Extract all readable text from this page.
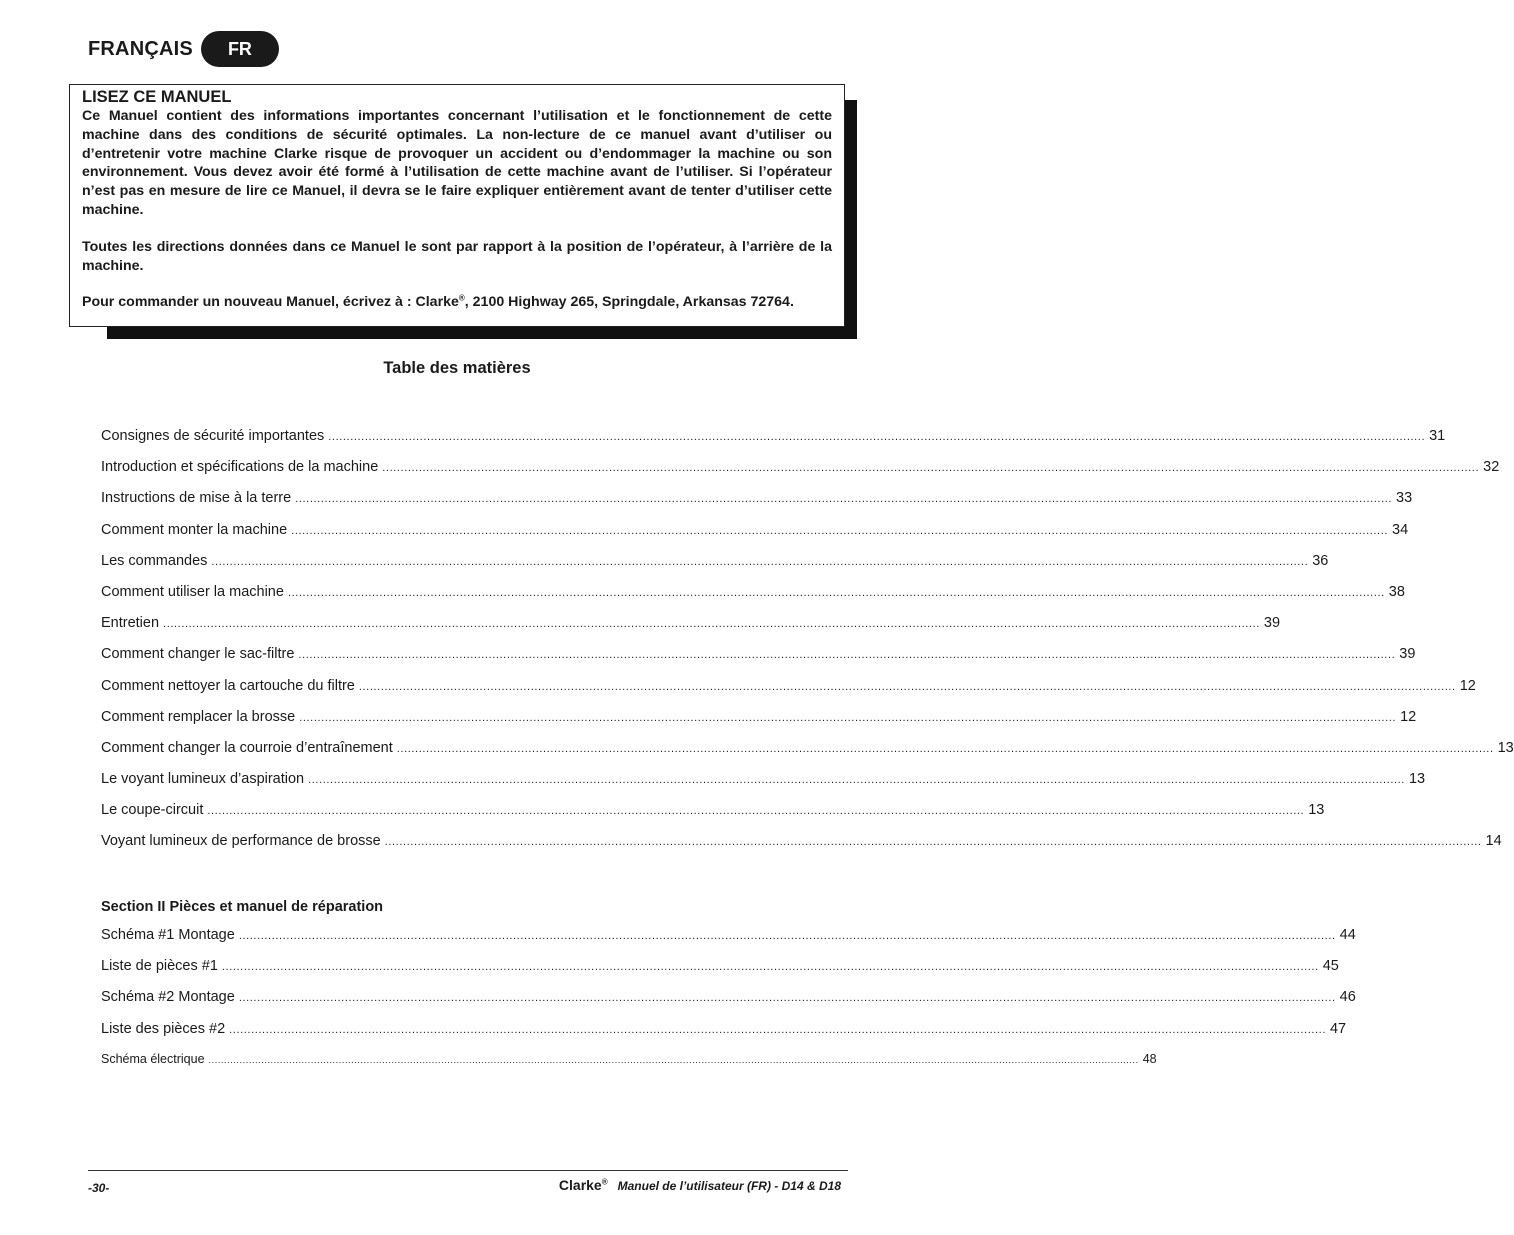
FRANÇAIS	FR
LISEZ CE MANUEL

Ce Manuel contient des informations importantes concernant l’utilisation et le fonctionnement de cette machine dans des conditions de sécurité optimales. La non-lecture de ce manuel avant d’utiliser ou d’entretenir votre machine Clarke risque de provoquer un accident ou d’endommager la machine ou son environnement. Vous devez avoir été formé à l’utilisation de cette machine avant de l’utiliser. Si l’opérateur n’est pas en mesure de lire ce Manuel, il devra se le faire expliquer entièrement avant de tenter d’utiliser cette machine.

Toutes les directions données dans ce Manuel le sont par rapport à la position de l’opérateur, à l’arrière de la machine.

Pour commander un nouveau Manuel, écrivez à : Clarke®, 2100 Highway 265, Springdale, Arkansas 72764.

Table des matières
Consignes de sécurité importantes ............................................................................................................................................................................................................................................................................................................ 31
Introduction et spécifications de la machine ............................................................................................................................................................................................................................................................................................................ 32
Instructions de mise à la terre ............................................................................................................................................................................................................................................................................................................ 33
Comment monter la machine ............................................................................................................................................................................................................................................................................................................ 34
Les commandes ............................................................................................................................................................................................................................................................................................................ 36
Comment utiliser la machine ............................................................................................................................................................................................................................................................................................................ 38
Entretien ............................................................................................................................................................................................................................................................................................................ 39
Comment changer le sac-filtre ............................................................................................................................................................................................................................................................................................................ 39
Comment nettoyer la cartouche du filtre ............................................................................................................................................................................................................................................................................................................ 12
Comment remplacer la brosse ............................................................................................................................................................................................................................................................................................................ 12
Comment changer la courroie d’entraînement ............................................................................................................................................................................................................................................................................................................ 13
Le voyant lumineux d’aspiration ............................................................................................................................................................................................................................................................................................................ 13
Le coupe-circuit ............................................................................................................................................................................................................................................................................................................ 13
Voyant lumineux de performance de brosse ............................................................................................................................................................................................................................................................................................................ 14
Section II Pièces et manuel de réparation
Schéma #1 Montage ............................................................................................................................................................................................................................................................................................................ 44
Liste de pièces #1 ............................................................................................................................................................................................................................................................................................................ 45
Schéma #2 Montage ............................................................................................................................................................................................................................................................................................................ 46
Liste des pièces #2 ............................................................................................................................................................................................................................................................................................................ 47
Schéma électrique ............................................................................................................................................................................................................................................................................................................ 48
-30-	Clarke® Manuel de l’utilisateur (FR) - D14 & D18
